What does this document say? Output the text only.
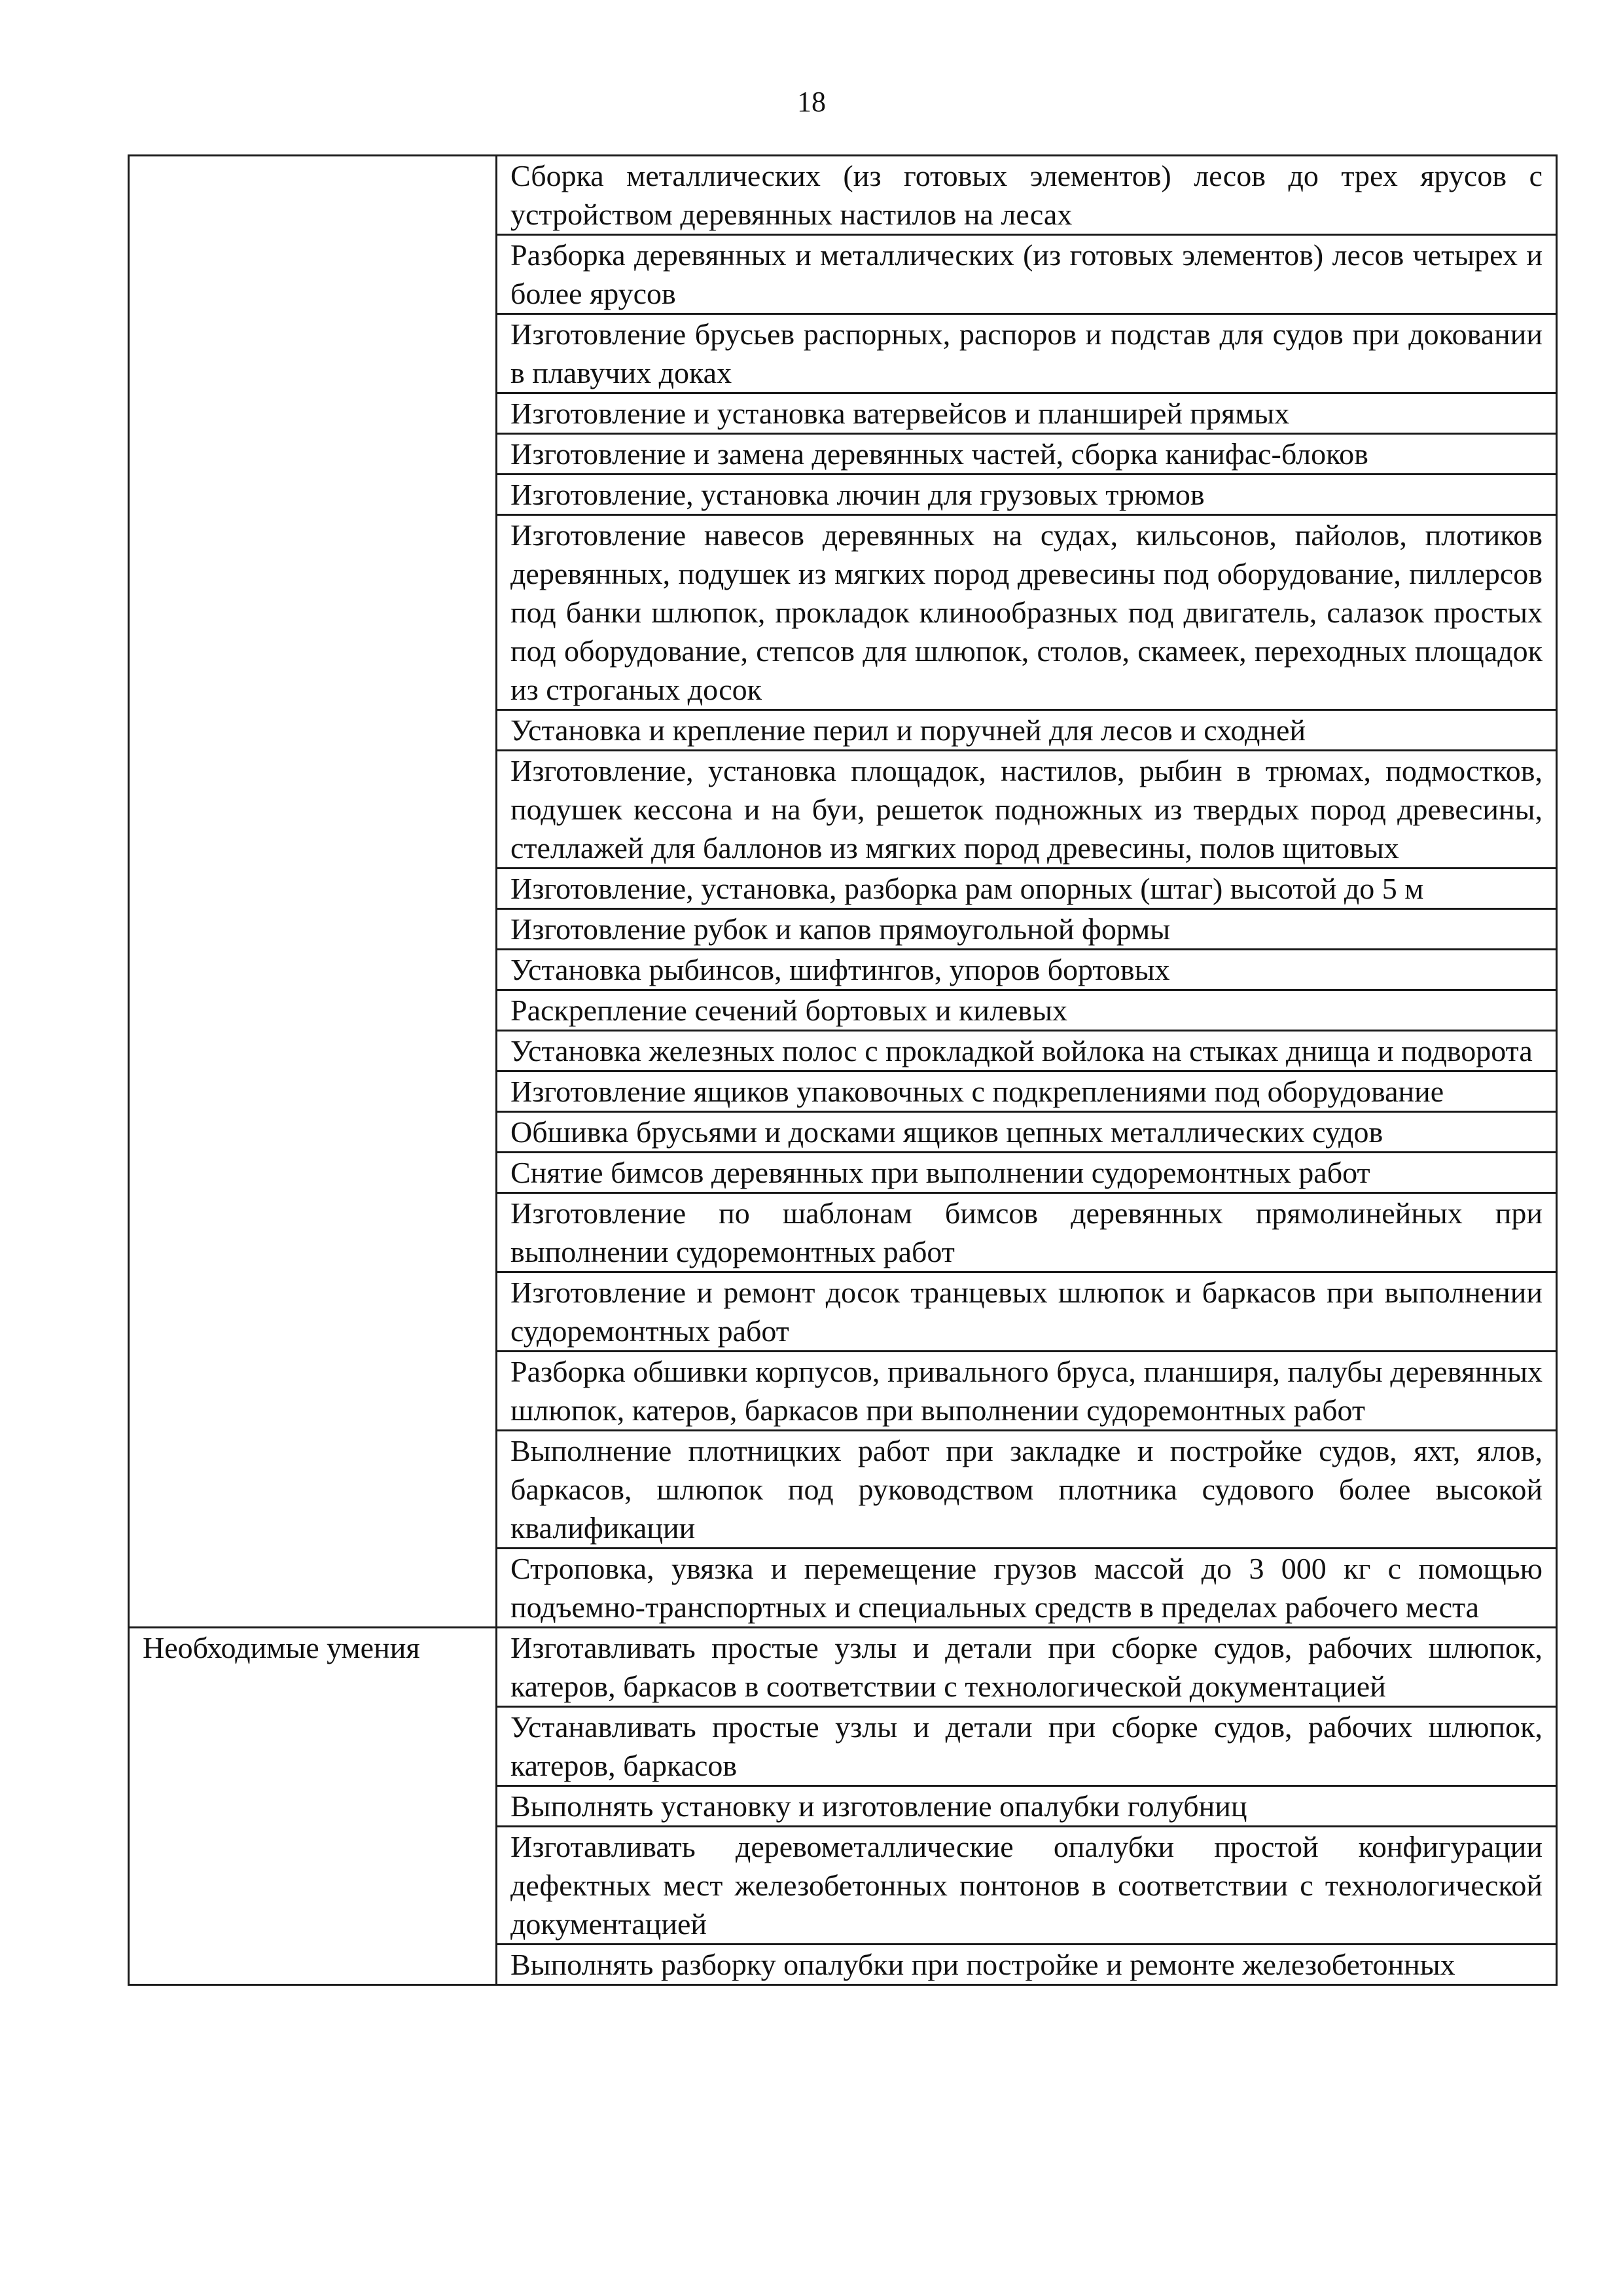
18

	Сборка металлических (из готовых элементов) лесов до трех ярусов с устройством деревянных настилов на лесах

	Разборка деревянных и металлических (из готовых элементов) лесов четырех и более ярусов

	Изготовление брусьев распорных, распоров и подстав для судов при доковании в плавучих доках

	Изготовление и установка ватервейсов и планширей прямых

	Изготовление и замена деревянных частей, сборка канифас-блоков

	Изготовление, установка лючин для грузовых трюмов

	Изготовление навесов деревянных на судах, кильсонов, пайолов, плотиков деревянных, подушек из мягких пород древесины под оборудование, пиллерсов под банки шлюпок, прокладок клинообразных под двигатель, салазок простых под оборудование, степсов для шлюпок, столов, скамеек, переходных площадок из строганых досок

	Установка и крепление перил и поручней для лесов и сходней

	Изготовление, установка площадок, настилов, рыбин в трюмах, подмостков, подушек кессона и на буи, решеток подножных из твердых пород древесины, стеллажей для баллонов из мягких пород древесины, полов щитовых

	Изготовление, установка, разборка рам опорных (штаг) высотой до 5 м

	Изготовление рубок и капов прямоугольной формы

	Установка рыбинсов, шифтингов, упоров бортовых

	Раскрепление сечений бортовых и килевых

	Установка железных полос с прокладкой войлока на стыках днища и подворота

	Изготовление ящиков упаковочных с подкреплениями под оборудование

	Обшивка брусьями и досками ящиков цепных металлических судов

	Снятие бимсов деревянных при выполнении судоремонтных работ

	Изготовление по шаблонам бимсов деревянных прямолинейных при выполнении судоремонтных работ

	Изготовление и ремонт досок транцевых шлюпок и баркасов при выполнении судоремонтных работ

	Разборка обшивки корпусов, привального бруса, планширя, палубы деревянных шлюпок, катеров, баркасов при выполнении судоремонтных работ

	Выполнение плотницких работ при закладке и постройке судов, яхт, ялов, баркасов, шлюпок под руководством плотника судового более высокой квалификации

	Строповка, увязка и перемещение грузов массой до 3 000 кг с помощью подъемно-транспортных и специальных средств в пределах рабочего места

Необходимые умения	Изготавливать простые узлы и детали при сборке судов, рабочих шлюпок, катеров, баркасов в соответствии с технологической документацией

	Устанавливать простые узлы и детали при сборке судов, рабочих шлюпок, катеров, баркасов

	Выполнять установку и изготовление опалубки голубниц

	Изготавливать деревометаллические опалубки простой конфигурации дефектных мест железобетонных понтонов в соответствии с технологической документацией

	Выполнять разборку опалубки при постройке и ремонте железобетонных
